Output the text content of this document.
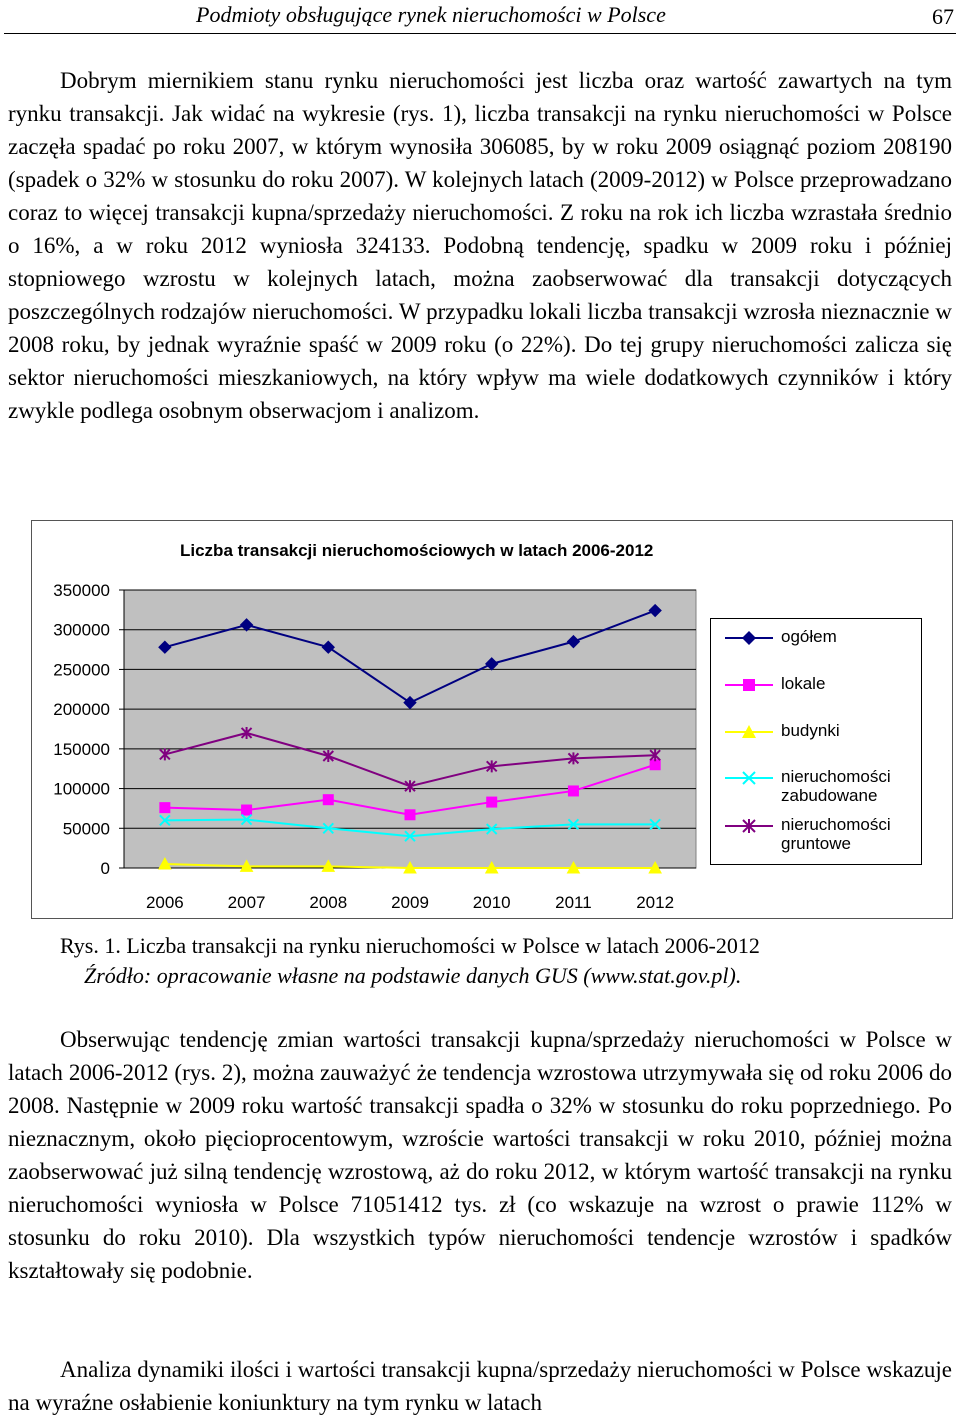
Podmioty obsługujące rynek nieruchomości w Polsce	67

Dobrym miernikiem stanu rynku nieruchomości jest liczba oraz wartość zawartych na tym rynku transakcji. Jak widać na wykresie (rys. 1), liczba transakcji na rynku nieruchomości w Polsce zaczęła spadać po roku 2007, w którym wynosiła 306085, by w roku 2009 osiągnąć poziom 208190 (spadek o 32% w stosunku do roku 2007). W kolejnych latach (2009-2012) w Polsce przeprowadzano coraz to więcej transakcji kupna/sprzedaży nieruchomości. Z roku na rok ich liczba wzrastała średnio o 16%, a w roku 2012 wyniosła 324133. Podobną tendencję, spadku w 2009 roku i później stopniowego wzrostu w kolejnych latach, można zaobserwować dla transakcji dotyczących poszczególnych rodzajów nieruchomości. W przypadku lokali liczba transakcji wzrosła nieznacznie w 2008 roku, by jednak wyraźnie spaść w 2009 roku (o 22%). Do tej grupy nieruchomości zalicza się sektor nieruchomości mieszkaniowych, na który wpływ ma wiele dodatkowych czynników i który zwykle podlega osobnym obserwacjom i analizom.

Liczba transakcji nieruchomościowych w latach 2006-2012
0
50000
100000
150000
200000
250000
300000
350000
2006	2007	2008	2009	2010	2011	2012
ogółem
lokale
budynki
nieruchomości zabudowane
nieruchomości gruntowe
Rys. 1. Liczba transakcji na rynku nieruchomości w Polsce w latach 2006-2012
Źródło: opracowanie własne na podstawie danych GUS (www.stat.gov.pl).

Obserwując tendencję zmian wartości transakcji kupna/sprzedaży nieruchomości w Polsce w latach 2006-2012 (rys. 2), można zauważyć że tendencja wzrostowa utrzymywała się od roku 2006 do 2008. Następnie w 2009 roku wartość transakcji spadła o 32% w stosunku do roku poprzedniego. Po nieznacznym, około pięcioprocentowym, wzroście wartości transakcji w roku 2010, później można zaobserwować już silną tendencję wzrostową, aż do roku 2012, w którym wartość transakcji na rynku nieruchomości wyniosła w Polsce 71051412 tys. zł (co wskazuje na wzrost o prawie 112% w stosunku do roku 2010). Dla wszystkich typów nieruchomości tendencje wzrostów i spadków kształtowały się podobnie.

Analiza dynamiki ilości i wartości transakcji kupna/sprzedaży nieruchomości w Polsce wskazuje na wyraźne osłabienie koniunktury na tym rynku w latach
